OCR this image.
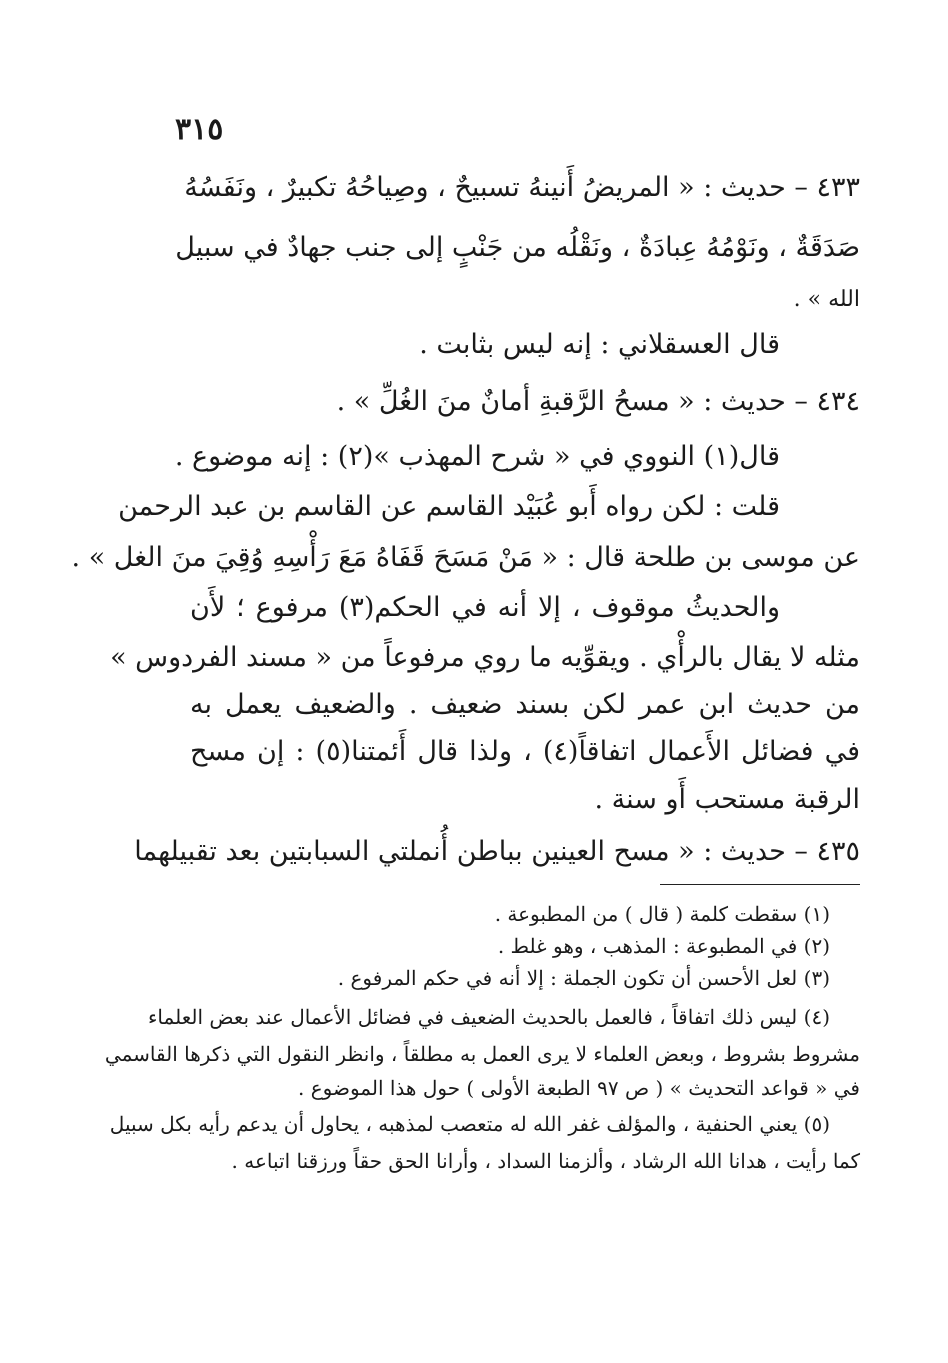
٣١٥
٤٣٣ – حديث : « المريضُ أَنينهُ تسبيحٌ ، وصِياحُهُ تكبيرٌ ، ونَفَسُهُ
صَدَقَةٌ ، ونَوْمُهُ عِبادَةٌ ، ونَقْلُه من جَنْبٍ إلى جنب جهادٌ في سبيل
الله » .
قال العسقلاني : إنه ليس بثابت .
٤٣٤ – حديث : « مسحُ الرَّقبةِ أمانٌ منَ الغُلِّ » .
قال(١) النووي في « شرح المهذب »(٢) : إنه موضوع .
قلت : لكن رواه أَبو عُبَيْد القاسم عن القاسم بن عبد الرحمن
عن موسى بن طلحة قال : « مَنْ مَسَحَ قَفَاهُ مَعَ رَأْسِهِ وُقِيَ منَ الغل » .
والحديثُ موقوف ، إلا أنه في الحكم(٣) مرفوع ؛ لأَن
مثله لا يقال بالرأْي . ويقوِّيه ما روي مرفوعاً من « مسند الفردوس »
من حديث ابن عمر لكن بسند ضعيف . والضعيف يعمل به
في فضائل الأَعمال اتفاقاً(٤) ، ولذا قال أَئمتنا(٥) : إن مسح
الرقبة مستحب أَو سنة .
٤٣٥ – حديث : « مسح العينين بباطن أُنملتي السبابتين بعد تقبيلهما
(١) سقطت كلمة ( قال ) من المطبوعة .
(٢) في المطبوعة : المذهب ، وهو غلط .
(٣) لعل الأحسن أن تكون الجملة : إلا أنه في حكم المرفوع .
(٤) ليس ذلك اتفاقاً ، فالعمل بالحديث الضعيف في فضائل الأعمال عند بعض العلماء
مشروط بشروط ، وبعض العلماء لا يرى العمل به مطلقاً ، وانظر النقول التي ذكرها القاسمي
في « قواعد التحديث » ( ص ٩٧ الطبعة الأولى ) حول هذا الموضوع .
(٥) يعني الحنفية ، والمؤلف غفر الله له متعصب لمذهبه ، يحاول أن يدعم رأيه بكل سبيل
كما رأيت ، هدانا الله الرشاد ، وألزمنا السداد ، وأرانا الحق حقاً ورزقنا اتباعه .
